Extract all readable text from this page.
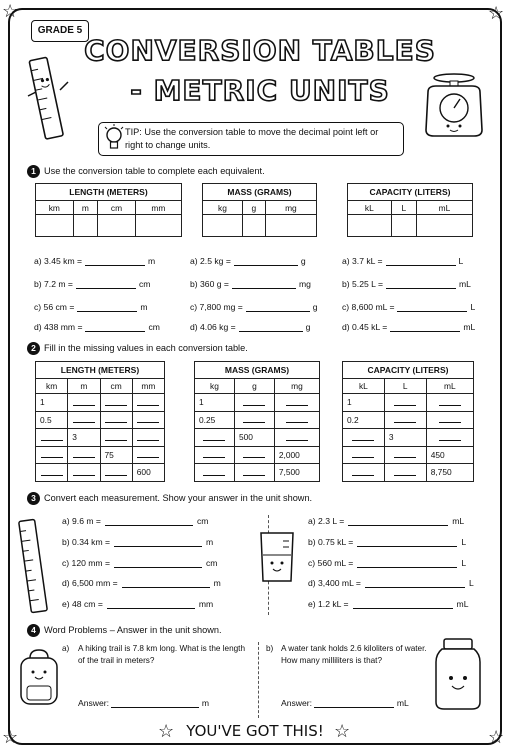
☆	☆
☆	☆
GRADE 5
CONVERSION TABLES
- METRIC UNITS
TIP: Use the conversion table to move the decimal point left or right to change units.
1 Use the conversion table to complete each equivalent.
LENGTH (METERS)			
km	m	cm	mm

MASS (GRAMS)		
kg	g	mg

CAPACITY (LITERS)		
kL	L	mL

a) 3.45 km =	m	a) 2.5 kg =	g	a) 3.7 kL =	L
b) 7.2 m =	cm	b) 360 g =	mg	b) 5.25 L =	mL
c) 56 cm =	m	c) 7,800 mg =	g	c) 8,600 mL =	L
d) 438 mm =	cm	d) 4.06 kg =	g	d) 0.45 kL =	mL
2 Fill in the missing values in each conversion table.
LENGTH (METERS)			
km	m	cm	mm
1			
0.5			
	3		
		75	
			600
MASS (GRAMS)		
kg	g	mg
1		
0.25		
	500	
		2,000
		7,500
CAPACITY (LITERS)		
kL	L	mL
1		
0.2		
	3	
		450
		8,750
3 Convert each measurement. Show your answer in the unit shown.
a) 9.6 m =	cm
b) 0.34 km =	m
c) 120 mm =	cm
d) 6,500 mm =	m
e) 48 cm =	mm
a) 2.3 L =	mL
b) 0.75 kL =	L
c) 560 mL =	L
d) 3,400 mL =	L
e) 1.2 kL =	mL
4 Word Problems – Answer in the unit shown.
a) A hiking trail is 7.8 km long. What is the length of the trail in meters?
Answer:	m
b) A water tank holds 2.6 kiloliters of water. How many milliliters is that?
Answer:	mL
YOU'VE GOT THIS!
☆	☆
